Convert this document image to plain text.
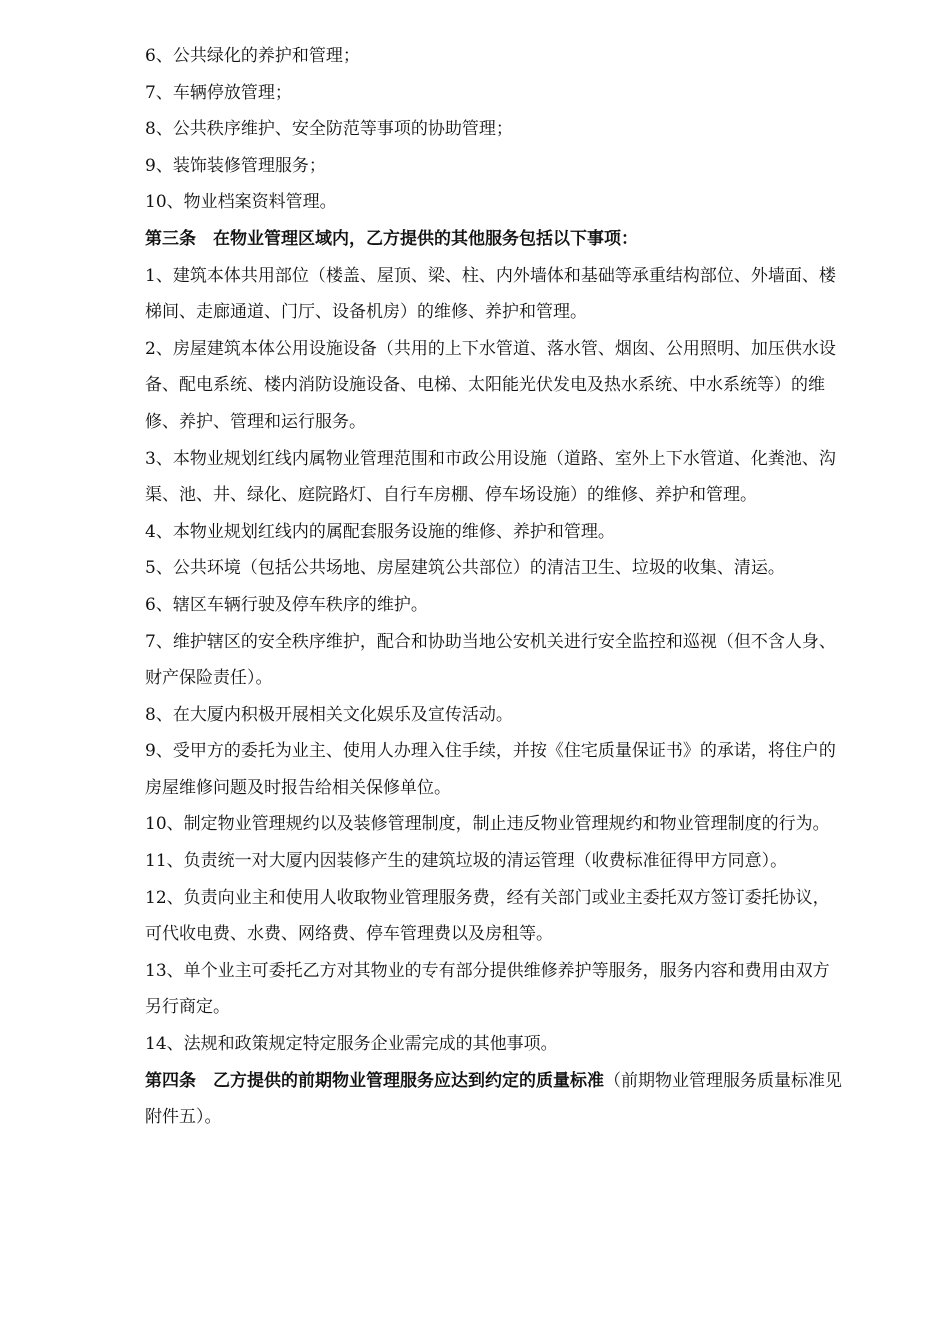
6、公共绿化的养护和管理；

7、车辆停放管理；

8、公共秩序维护、安全防范等事项的协助管理；

9、装饰装修管理服务；

10、物业档案资料管理。

第三条　在物业管理区域内，乙方提供的其他服务包括以下事项：

1、建筑本体共用部位（楼盖、屋顶、梁、柱、内外墙体和基础等承重结构部位、外墙面、楼梯间、走廊通道、门厅、设备机房）的维修、养护和管理。

2、房屋建筑本体公用设施设备（共用的上下水管道、落水管、烟囱、公用照明、加压供水设备、配电系统、楼内消防设施设备、电梯、太阳能光伏发电及热水系统、中水系统等）的维修、养护、管理和运行服务。

3、本物业规划红线内属物业管理范围和市政公用设施（道路、室外上下水管道、化粪池、沟渠、池、井、绿化、庭院路灯、自行车房棚、停车场设施）的维修、养护和管理。

4、本物业规划红线内的属配套服务设施的维修、养护和管理。

5、公共环境（包括公共场地、房屋建筑公共部位）的清洁卫生、垃圾的收集、清运。

6、辖区车辆行驶及停车秩序的维护。

7、维护辖区的安全秩序维护，配合和协助当地公安机关进行安全监控和巡视（但不含人身、财产保险责任）。

8、在大厦内积极开展相关文化娱乐及宣传活动。

9、受甲方的委托为业主、使用人办理入住手续，并按《住宅质量保证书》的承诺，将住户的房屋维修问题及时报告给相关保修单位。

10、制定物业管理规约以及装修管理制度，制止违反物业管理规约和物业管理制度的行为。

11、负责统一对大厦内因装修产生的建筑垃圾的清运管理（收费标准征得甲方同意）。

12、负责向业主和使用人收取物业管理服务费，经有关部门或业主委托双方签订委托协议，可代收电费、水费、网络费、停车管理费以及房租等。

13、单个业主可委托乙方对其物业的专有部分提供维修养护等服务，服务内容和费用由双方另行商定。

14、法规和政策规定特定服务企业需完成的其他事项。

第四条　乙方提供的前期物业管理服务应达到约定的质量标准（前期物业管理服务质量标准见附件五）。
